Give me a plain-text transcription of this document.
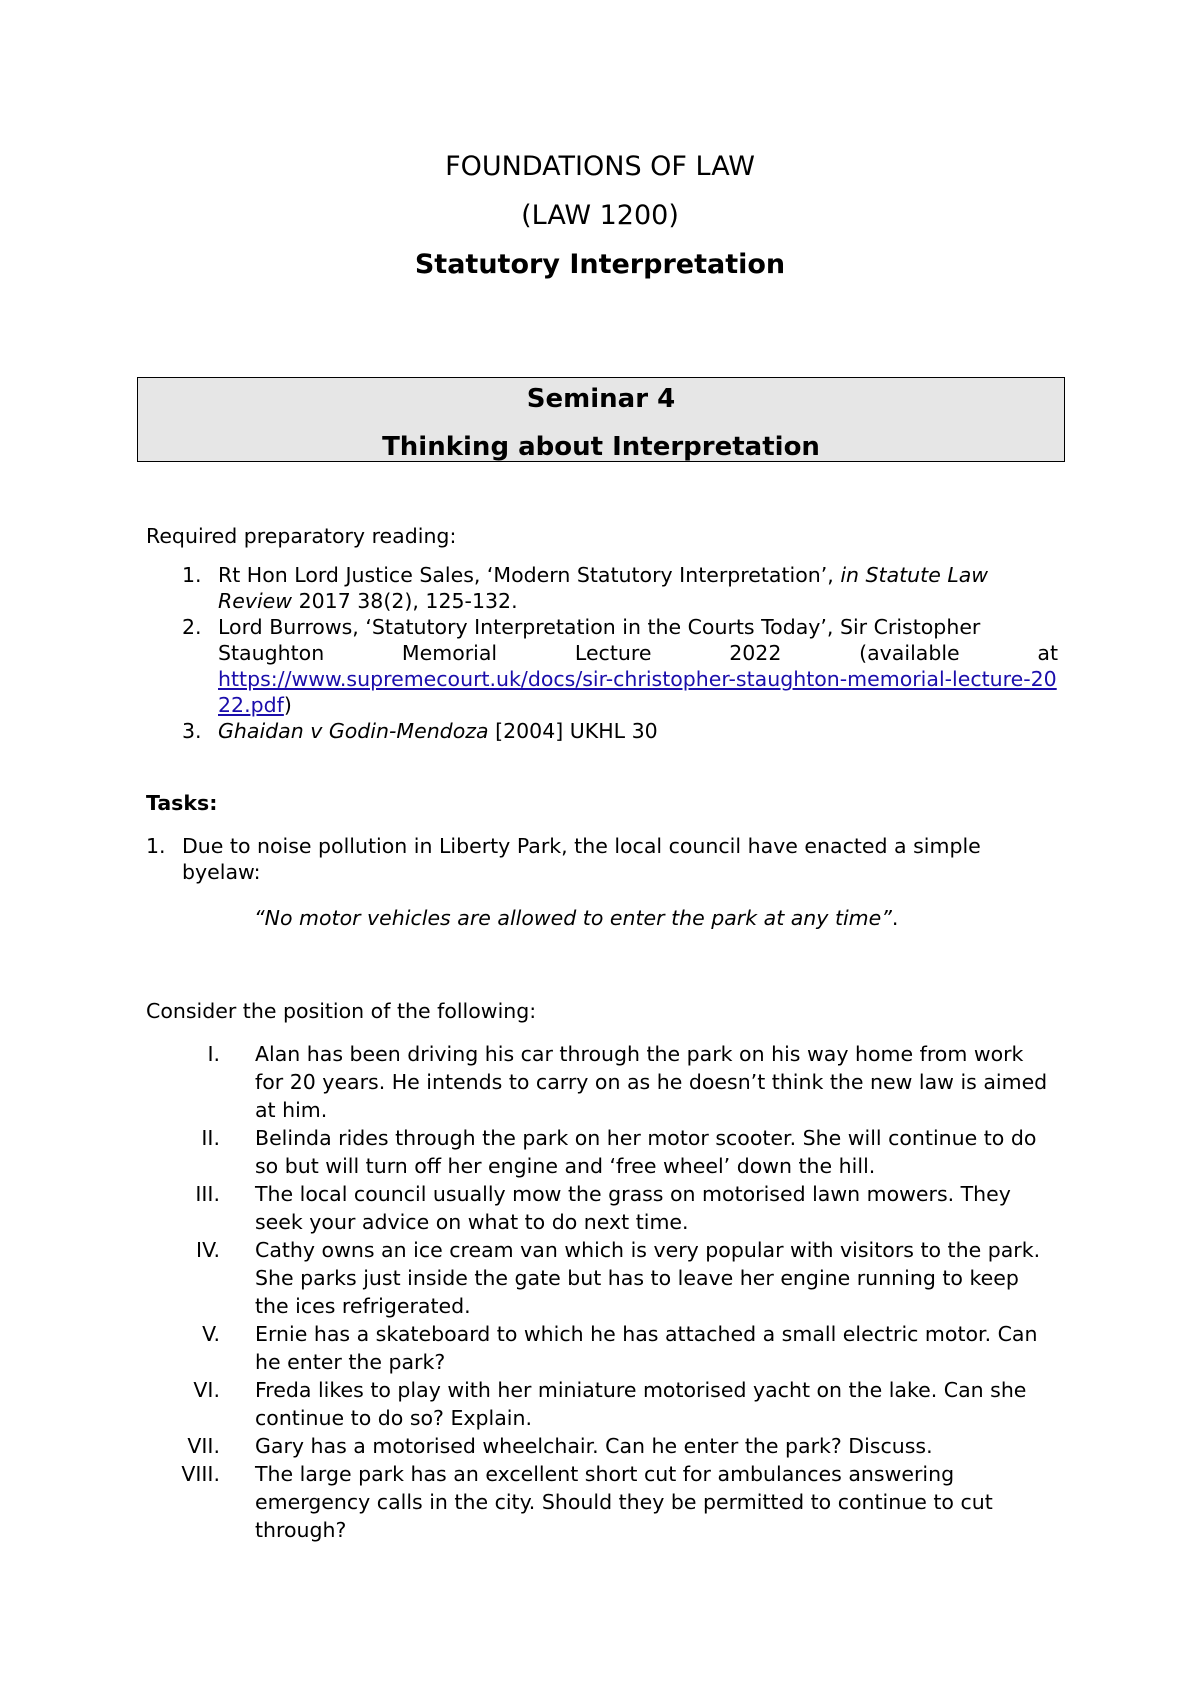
FOUNDATIONS OF LAW
(LAW 1200)
Statutory Interpretation
Seminar 4
Thinking about Interpretation
Required preparatory reading:
1. Rt Hon Lord Justice Sales, ‘Modern Statutory Interpretation’, in Statute Law Review 2017 38(2), 125-132.
2. Lord Burrows, ‘Statutory Interpretation in the Courts Today’, Sir Cristopher
Staughton Memorial Lecture 2022 (available at
https://www.supremecourt.uk/docs/sir-christopher-staughton-memorial-lecture-2022.pdf)
3. Ghaidan v Godin-Mendoza [2004] UKHL 30
Tasks:
1. Due to noise pollution in Liberty Park, the local council have enacted a simple byelaw:
“No motor vehicles are allowed to enter the park at any time”.
Consider the position of the following:
I. Alan has been driving his car through the park on his way home from work for 20 years. He intends to carry on as he doesn’t think the new law is aimed at him.
II. Belinda rides through the park on her motor scooter. She will continue to do so but will turn off her engine and ‘free wheel’ down the hill.
III. The local council usually mow the grass on motorised lawn mowers. They seek your advice on what to do next time.
IV. Cathy owns an ice cream van which is very popular with visitors to the park. She parks just inside the gate but has to leave her engine running to keep the ices refrigerated.
V. Ernie has a skateboard to which he has attached a small electric motor. Can he enter the park?
VI. Freda likes to play with her miniature motorised yacht on the lake. Can she continue to do so? Explain.
VII. Gary has a motorised wheelchair. Can he enter the park? Discuss.
VIII. The large park has an excellent short cut for ambulances answering emergency calls in the city. Should they be permitted to continue to cut through?
